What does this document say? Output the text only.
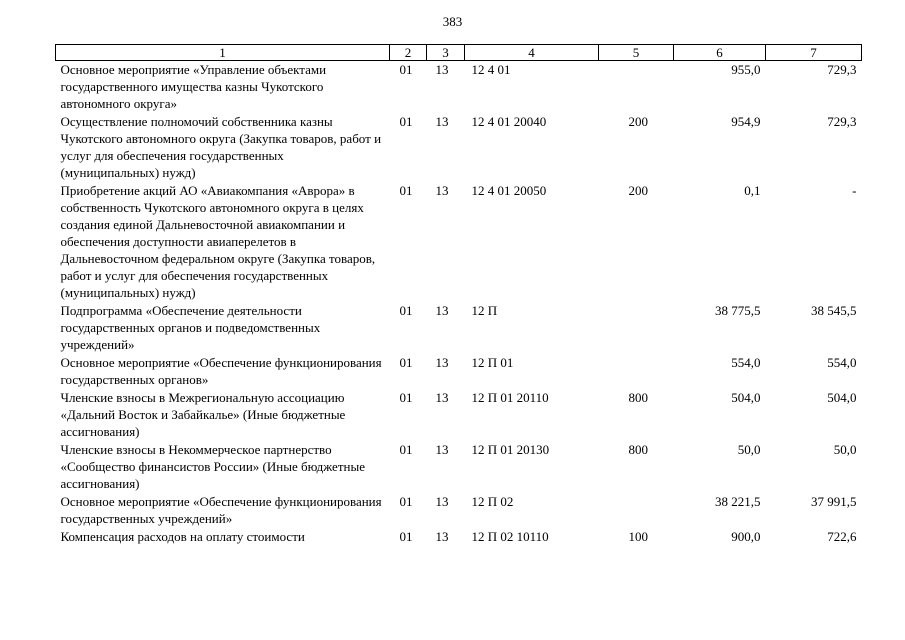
383
1	2	3	4	5	6	7
Основное мероприятие «Управление объектами государственного имущества казны Чукотского автономного округа»	01	13	12 4 01		955,0	729,3
Осуществление полномочий собственника казны Чукотского автономного округа (Закупка товаров, работ и услуг для обеспечения государственных (муниципальных) нужд)	01	13	12 4 01 20040	200	954,9	729,3
Приобретение акций АО «Авиакомпания «Аврора» в собственность Чукотского автономного округа в целях создания единой Дальневосточной авиакомпании и обеспечения доступности авиаперелетов в Дальневосточном федеральном округе (Закупка товаров, работ и услуг для обеспечения государственных (муниципальных) нужд)	01	13	12 4 01 20050	200	0,1	-
Подпрограмма «Обеспечение деятельности государственных органов и подведомственных учреждений»	01	13	12 П		38 775,5	38 545,5
Основное мероприятие «Обеспечение функционирования государственных органов»	01	13	12 П 01		554,0	554,0
Членские взносы в Межрегиональную ассоциацию «Дальний Восток и Забайкалье» (Иные бюджетные ассигнования)	01	13	12 П 01 20110	800	504,0	504,0
Членские взносы в Некоммерческое партнерство «Сообщество финансистов России» (Иные бюджетные ассигнования)	01	13	12 П 01 20130	800	50,0	50,0
Основное мероприятие «Обеспечение функционирования государственных учреждений»	01	13	12 П 02		38 221,5	37 991,5
Компенсация расходов на оплату стоимости	01	13	12 П 02 10110	100	900,0	722,6
